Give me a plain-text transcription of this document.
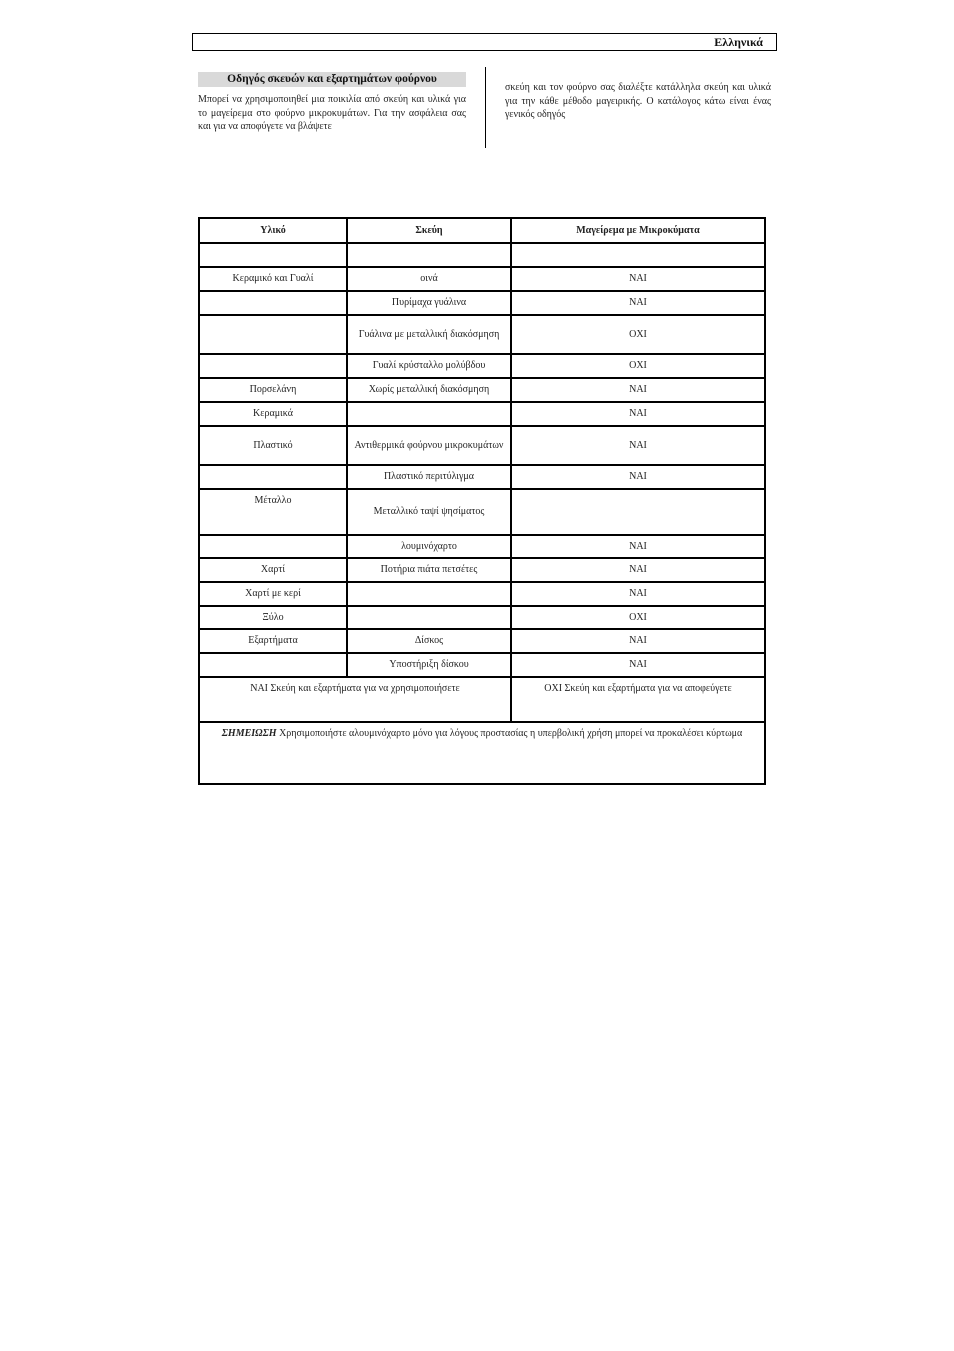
Ελληνικά
Οδηγός σκευών και εξαρτημάτων φούρνου
Μπορεί να χρησιμοποιηθεί μια ποικιλία από σκεύη και υλικά για το μαγείρεμα στο φούρνο μικροκυμάτων. Για την ασφάλεια σας και για να αποφύγετε να βλάψετε
σκεύη και τον φούρνο σας διαλέξτε κατάλληλα σκεύη και υλικά για την κάθε μέθοδο μαγειρικής. Ο κατάλογος κάτω είναι ένας γενικός οδηγός
Υλικό	Σκεύη	Μαγείρεμα με Μικροκύματα

Κεραμικό και Γυαλί	οινά	ΝΑΙ
	Πυρίμαχα γυάλινα	ΝΑΙ
	Γυάλινα με μεταλλική διακόσμηση	ΟΧΙ
	Γυαλί κρύσταλλο μολύβδου	ΟΧΙ
Πορσελάνη	Χωρίς μεταλλική διακόσμηση	ΝΑΙ
Κεραμικά		ΝΑΙ
Πλαστικό	Αντιθερμικά φούρνου μικροκυμάτων	ΝΑΙ
	Πλαστικό περιτύλιγμα	ΝΑΙ
Μέταλλο	Μεταλλικό ταψί ψησίματος	
	λουμινόχαρτο	ΝΑΙ
Χαρτί	Ποτήρια πιάτα πετσέτες	ΝΑΙ
Χαρτί με κερί		ΝΑΙ
Ξύλο		ΟΧΙ
Εξαρτήματα	Δίσκος	ΝΑΙ
	Υποστήριξη δίσκου	ΝΑΙ
ΝΑΙ Σκεύη και εξαρτήματα για να χρησιμοποιήσετε		ΟΧΙ Σκεύη και εξαρτήματα για να αποφεύγετε
ΣΗΜΕΙΩΣΗ Χρησιμοποιήστε αλουμινόχαρτο μόνο για λόγους προστασίας η υπερβολική χρήση μπορεί να προκαλέσει κύρτωμα		
